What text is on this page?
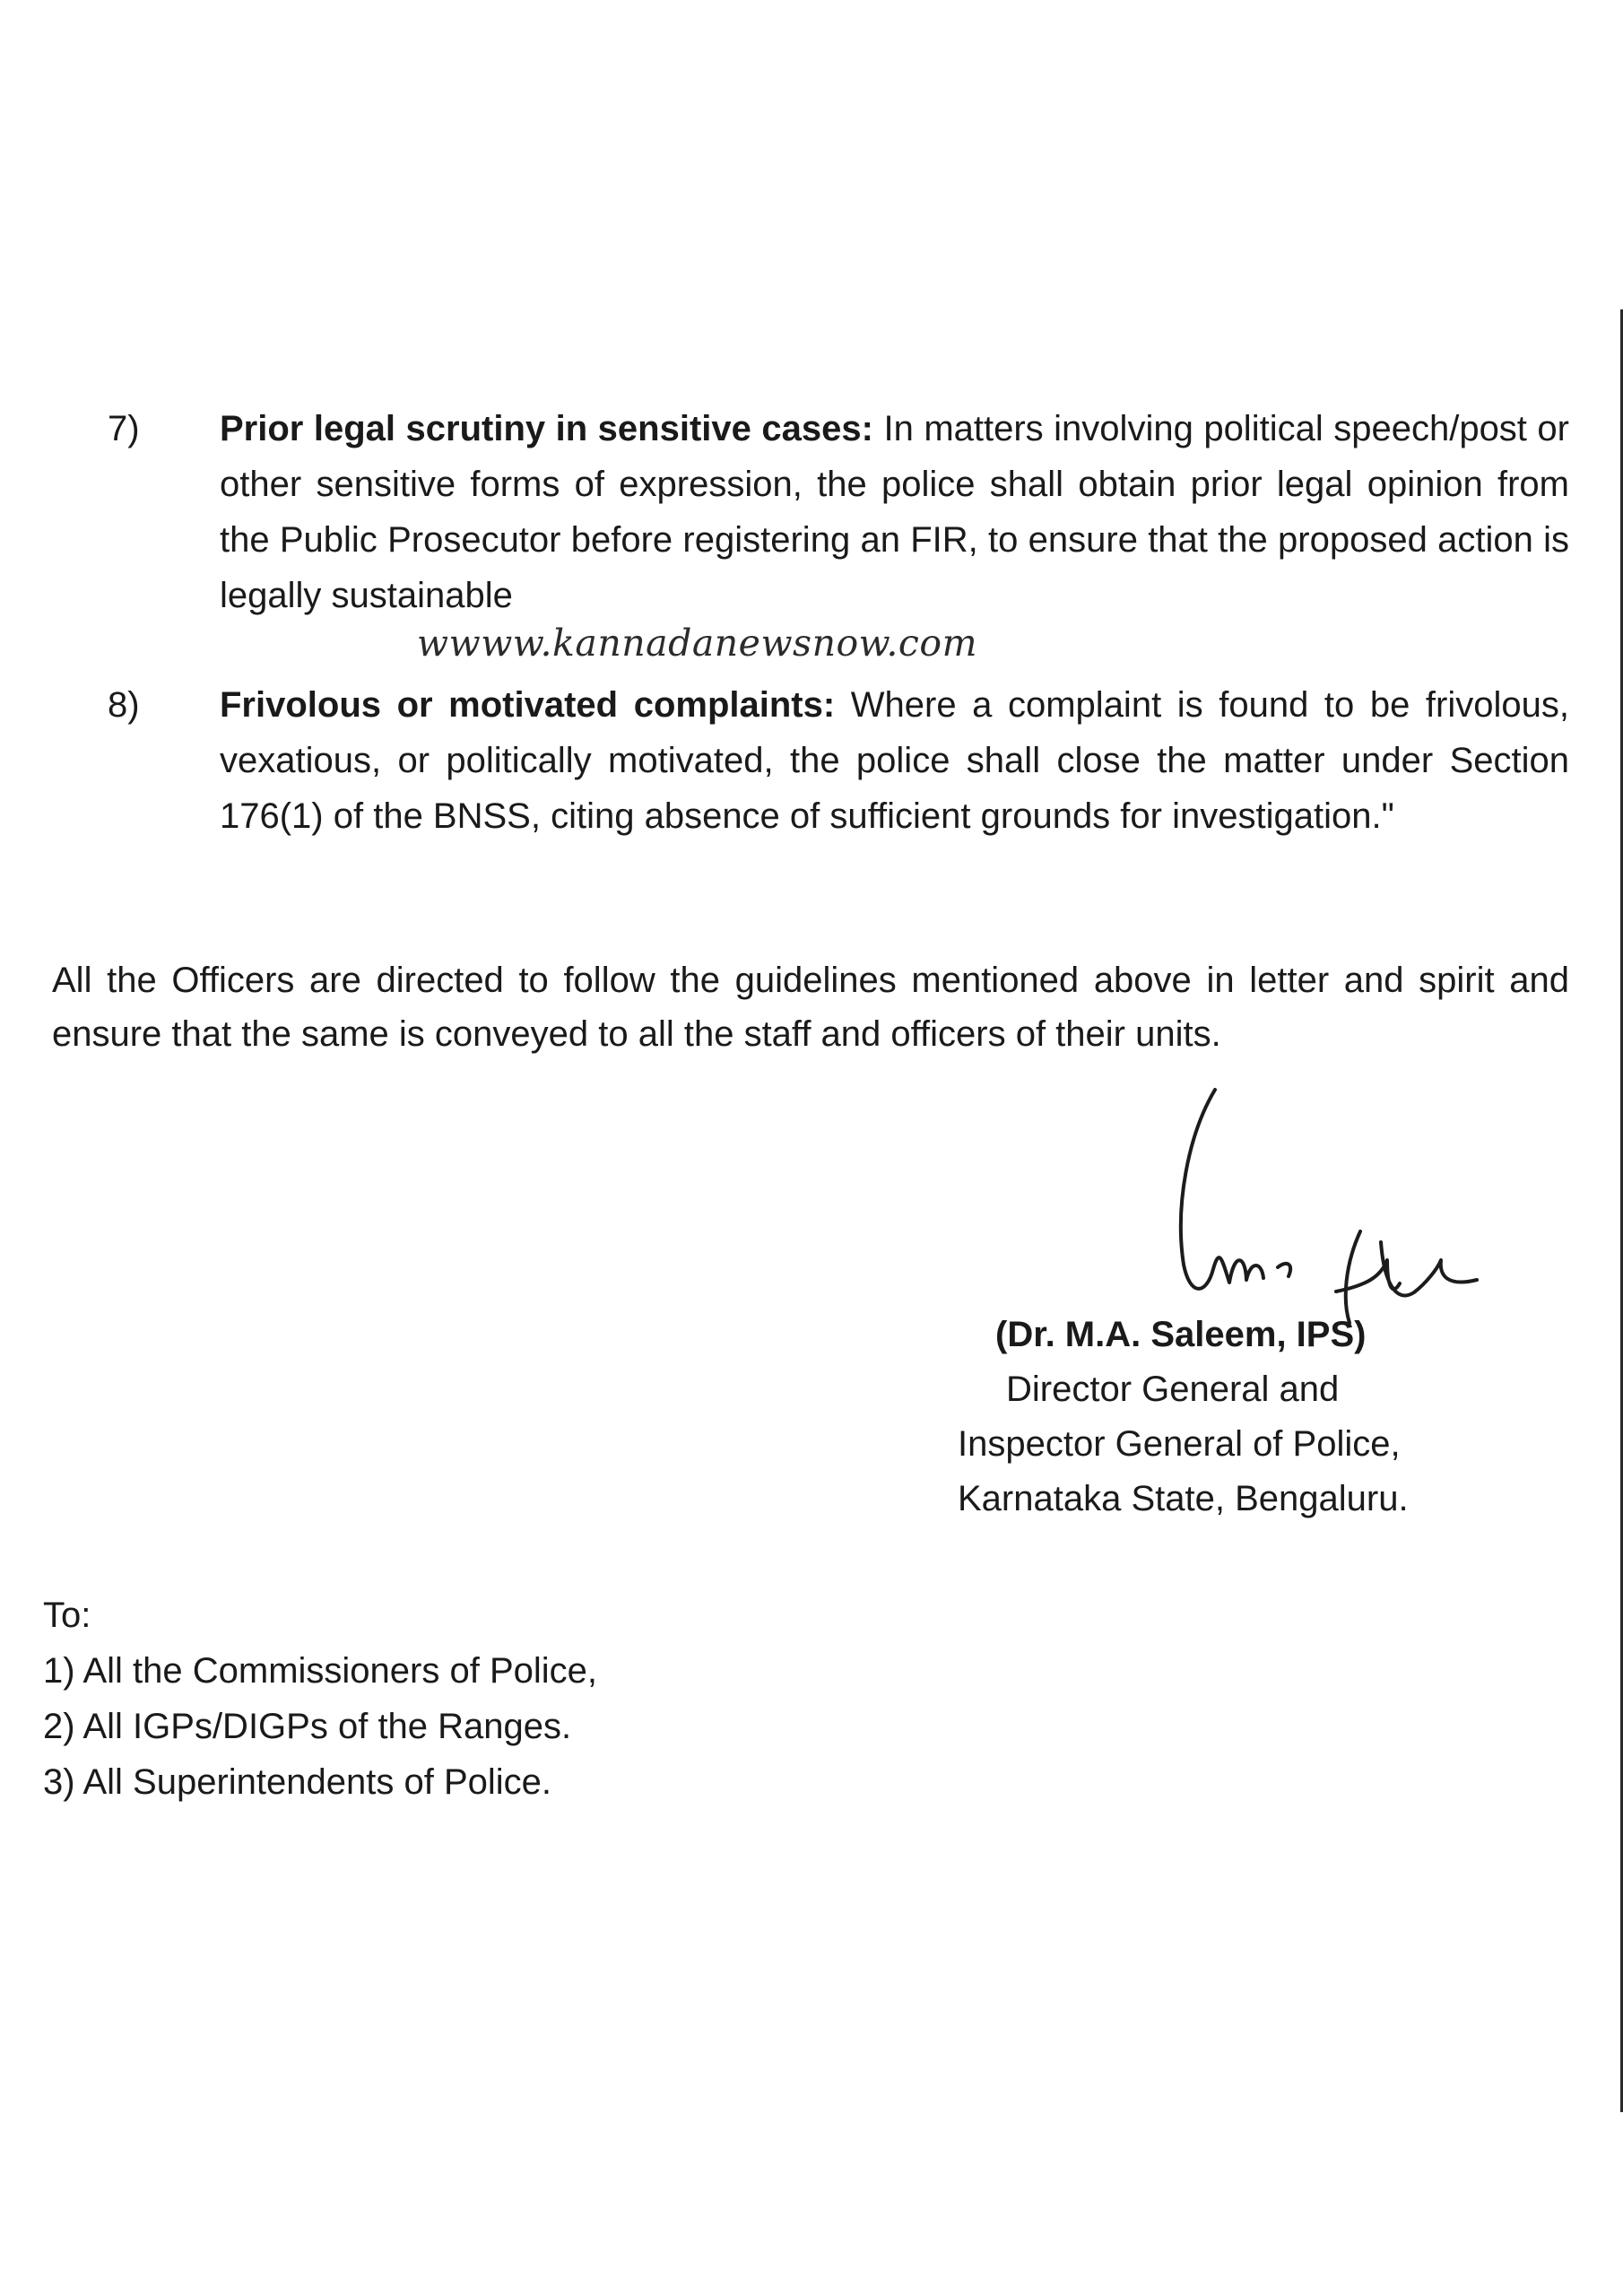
7) Prior legal scrutiny in sensitive cases: In matters involving political speech/post or other sensitive forms of expression, the police shall obtain prior legal opinion from the Public Prosecutor before registering an FIR, to ensure that the proposed action is legally sustainable
wwww.kannadanewsnow.com
8) Frivolous or motivated complaints: Where a complaint is found to be frivolous, vexatious, or politically motivated, the police shall close the matter under Section 176(1) of the BNSS, citing absence of sufficient grounds for investigation."
All the Officers are directed to follow the guidelines mentioned above in letter and spirit and ensure that the same is conveyed to all the staff and officers of their units.
(Dr. M.A. Saleem, IPS)
Director General and
Inspector General of Police,
Karnataka State, Bengaluru.
To:
1) All the Commissioners of Police,
2) All IGPs/DIGPs of the Ranges.
3) All Superintendents of Police.
